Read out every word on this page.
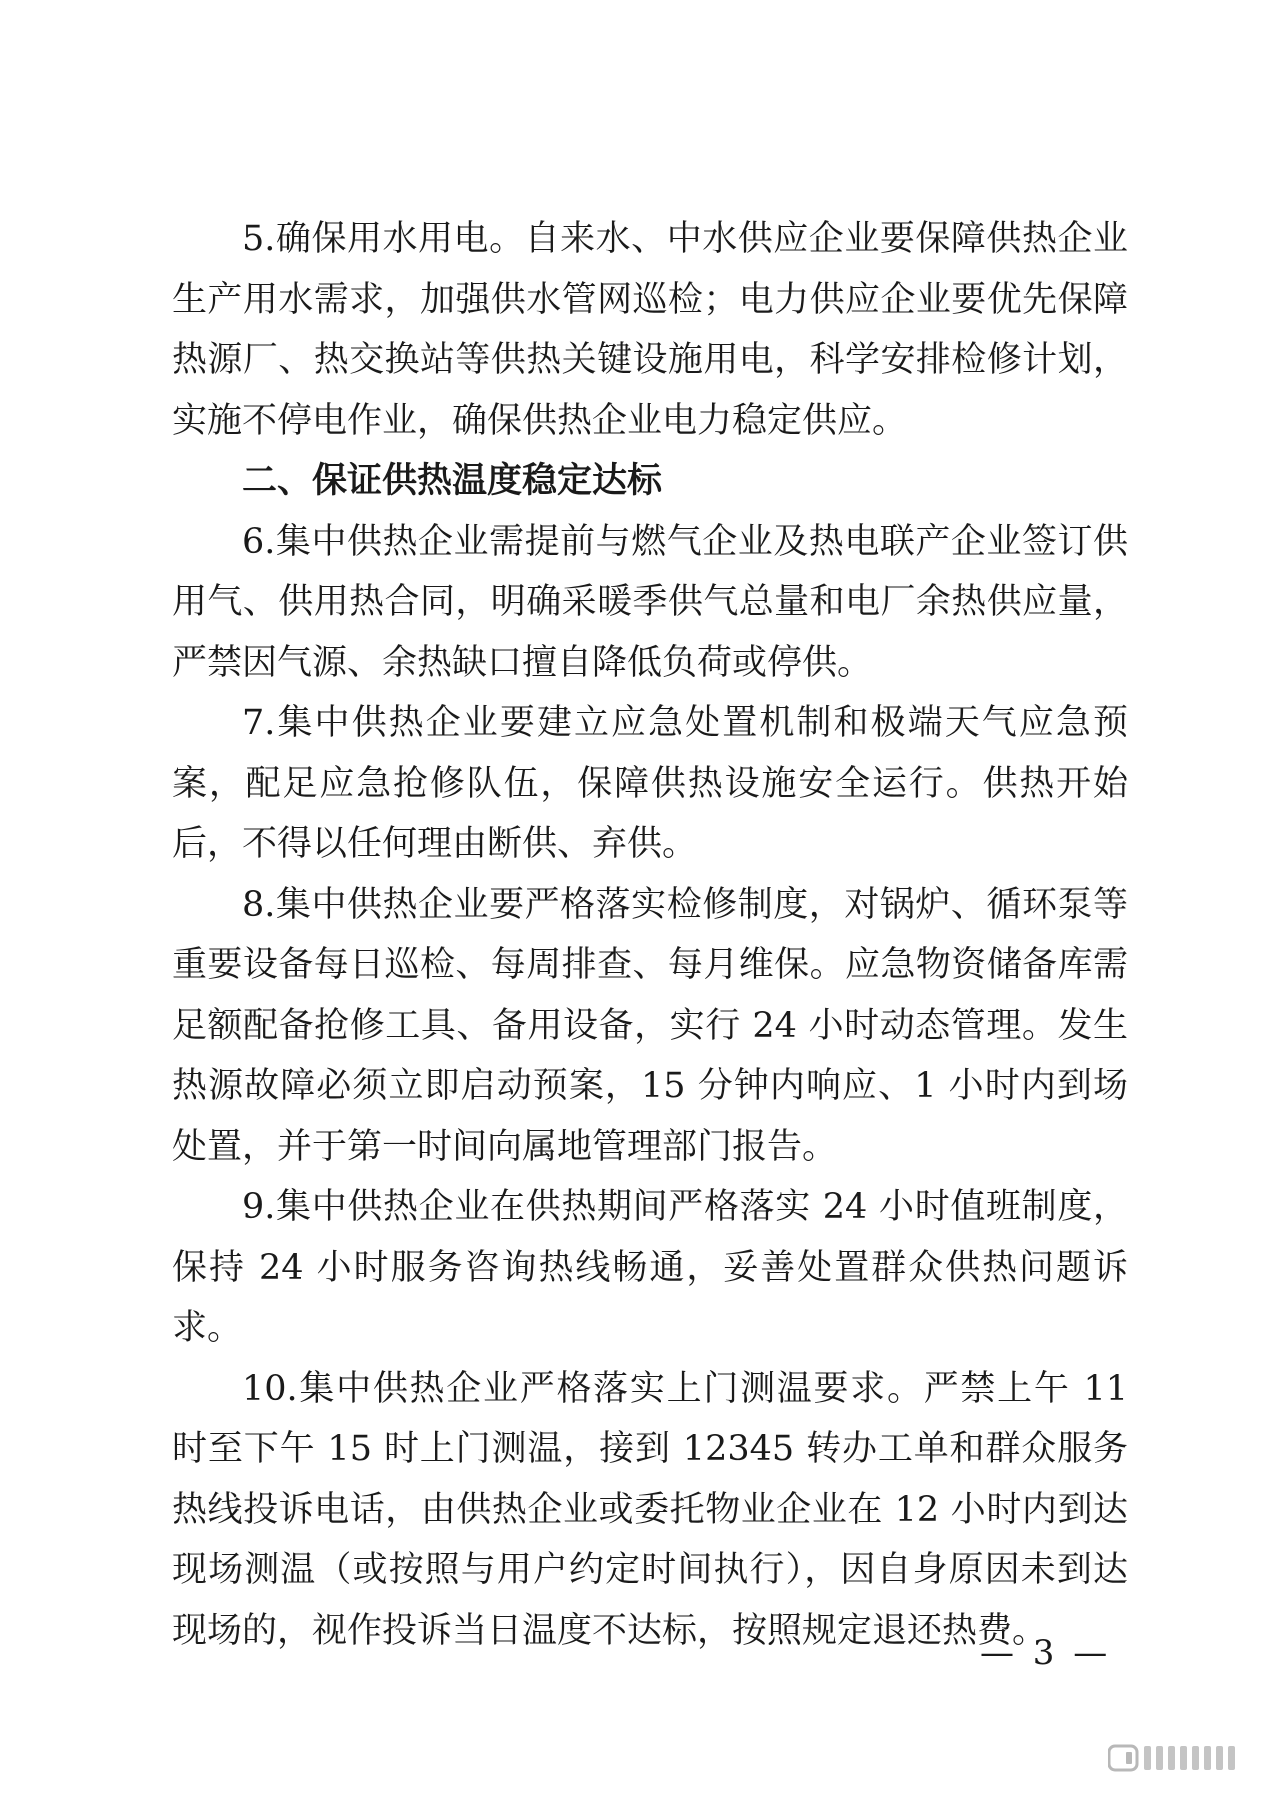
5.确保用水用电。自来水、中水供应企业要保障供热企业生产用水需求，加强供水管网巡检；电力供应企业要优先保障热源厂、热交换站等供热关键设施用电，科学安排检修计划，实施不停电作业，确保供热企业电力稳定供应。

二、保证供热温度稳定达标

6.集中供热企业需提前与燃气企业及热电联产企业签订供用气、供用热合同，明确采暖季供气总量和电厂余热供应量，严禁因气源、余热缺口擅自降低负荷或停供。

7.集中供热企业要建立应急处置机制和极端天气应急预案，配足应急抢修队伍，保障供热设施安全运行。供热开始后，不得以任何理由断供、弃供。

8.集中供热企业要严格落实检修制度，对锅炉、循环泵等重要设备每日巡检、每周排查、每月维保。应急物资储备库需足额配备抢修工具、备用设备，实行 24 小时动态管理。发生热源故障必须立即启动预案，15 分钟内响应、1 小时内到场处置，并于第一时间向属地管理部门报告。

9.集中供热企业在供热期间严格落实 24 小时值班制度，保持 24 小时服务咨询热线畅通，妥善处置群众供热问题诉求。

10.集中供热企业严格落实上门测温要求。严禁上午 11 时至下午 15 时上门测温，接到 12345 转办工单和群众服务热线投诉电话，由供热企业或委托物业企业在 12 小时内到达现场测温（或按照与用户约定时间执行），因自身原因未到达现场的，视作投诉当日温度不达标，按照规定退还热费。

— 3 —
